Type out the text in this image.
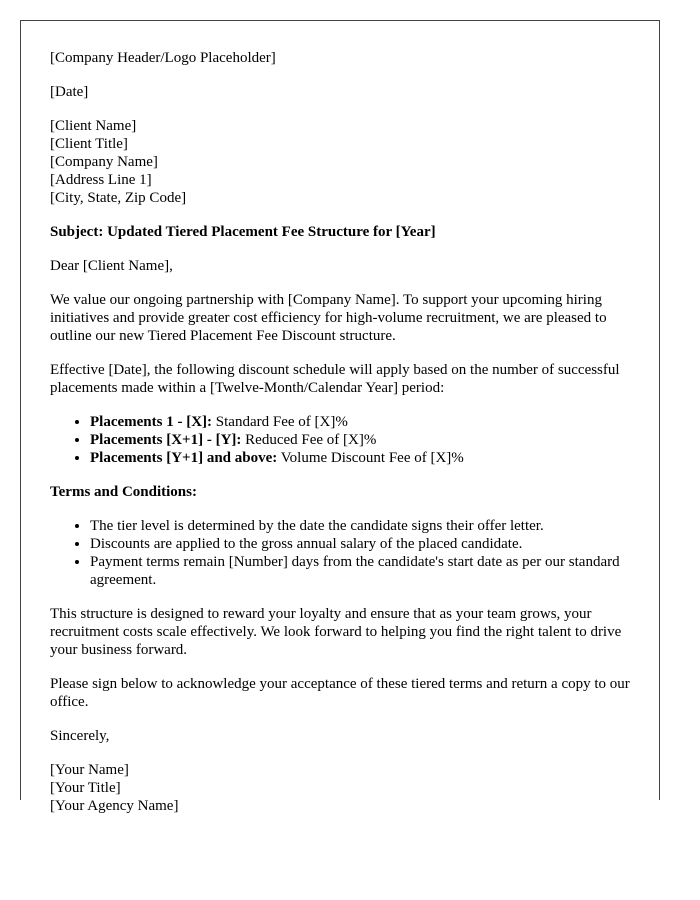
[Company Header/Logo Placeholder]

[Date]

[Client Name]
[Client Title]
[Company Name]
[Address Line 1]
[City, State, Zip Code]

Subject: Updated Tiered Placement Fee Structure for [Year]

Dear [Client Name],

We value our ongoing partnership with [Company Name]. To support your upcoming hiring initiatives and provide greater cost efficiency for high-volume recruitment, we are pleased to outline our new Tiered Placement Fee Discount structure.

Effective [Date], the following discount schedule will apply based on the number of successful placements made within a [Twelve-Month/Calendar Year] period:

• Placements 1 - [X]: Standard Fee of [X]%
• Placements [X+1] - [Y]: Reduced Fee of [X]%
• Placements [Y+1] and above: Volume Discount Fee of [X]%

Terms and Conditions:

• The tier level is determined by the date the candidate signs their offer letter.
• Discounts are applied to the gross annual salary of the placed candidate.
• Payment terms remain [Number] days from the candidate's start date as per our standard agreement.

This structure is designed to reward your loyalty and ensure that as your team grows, your recruitment costs scale effectively. We look forward to helping you find the right talent to drive your business forward.

Please sign below to acknowledge your acceptance of these tiered terms and return a copy to our office.

Sincerely,

[Your Name]
[Your Title]
[Your Agency Name]
